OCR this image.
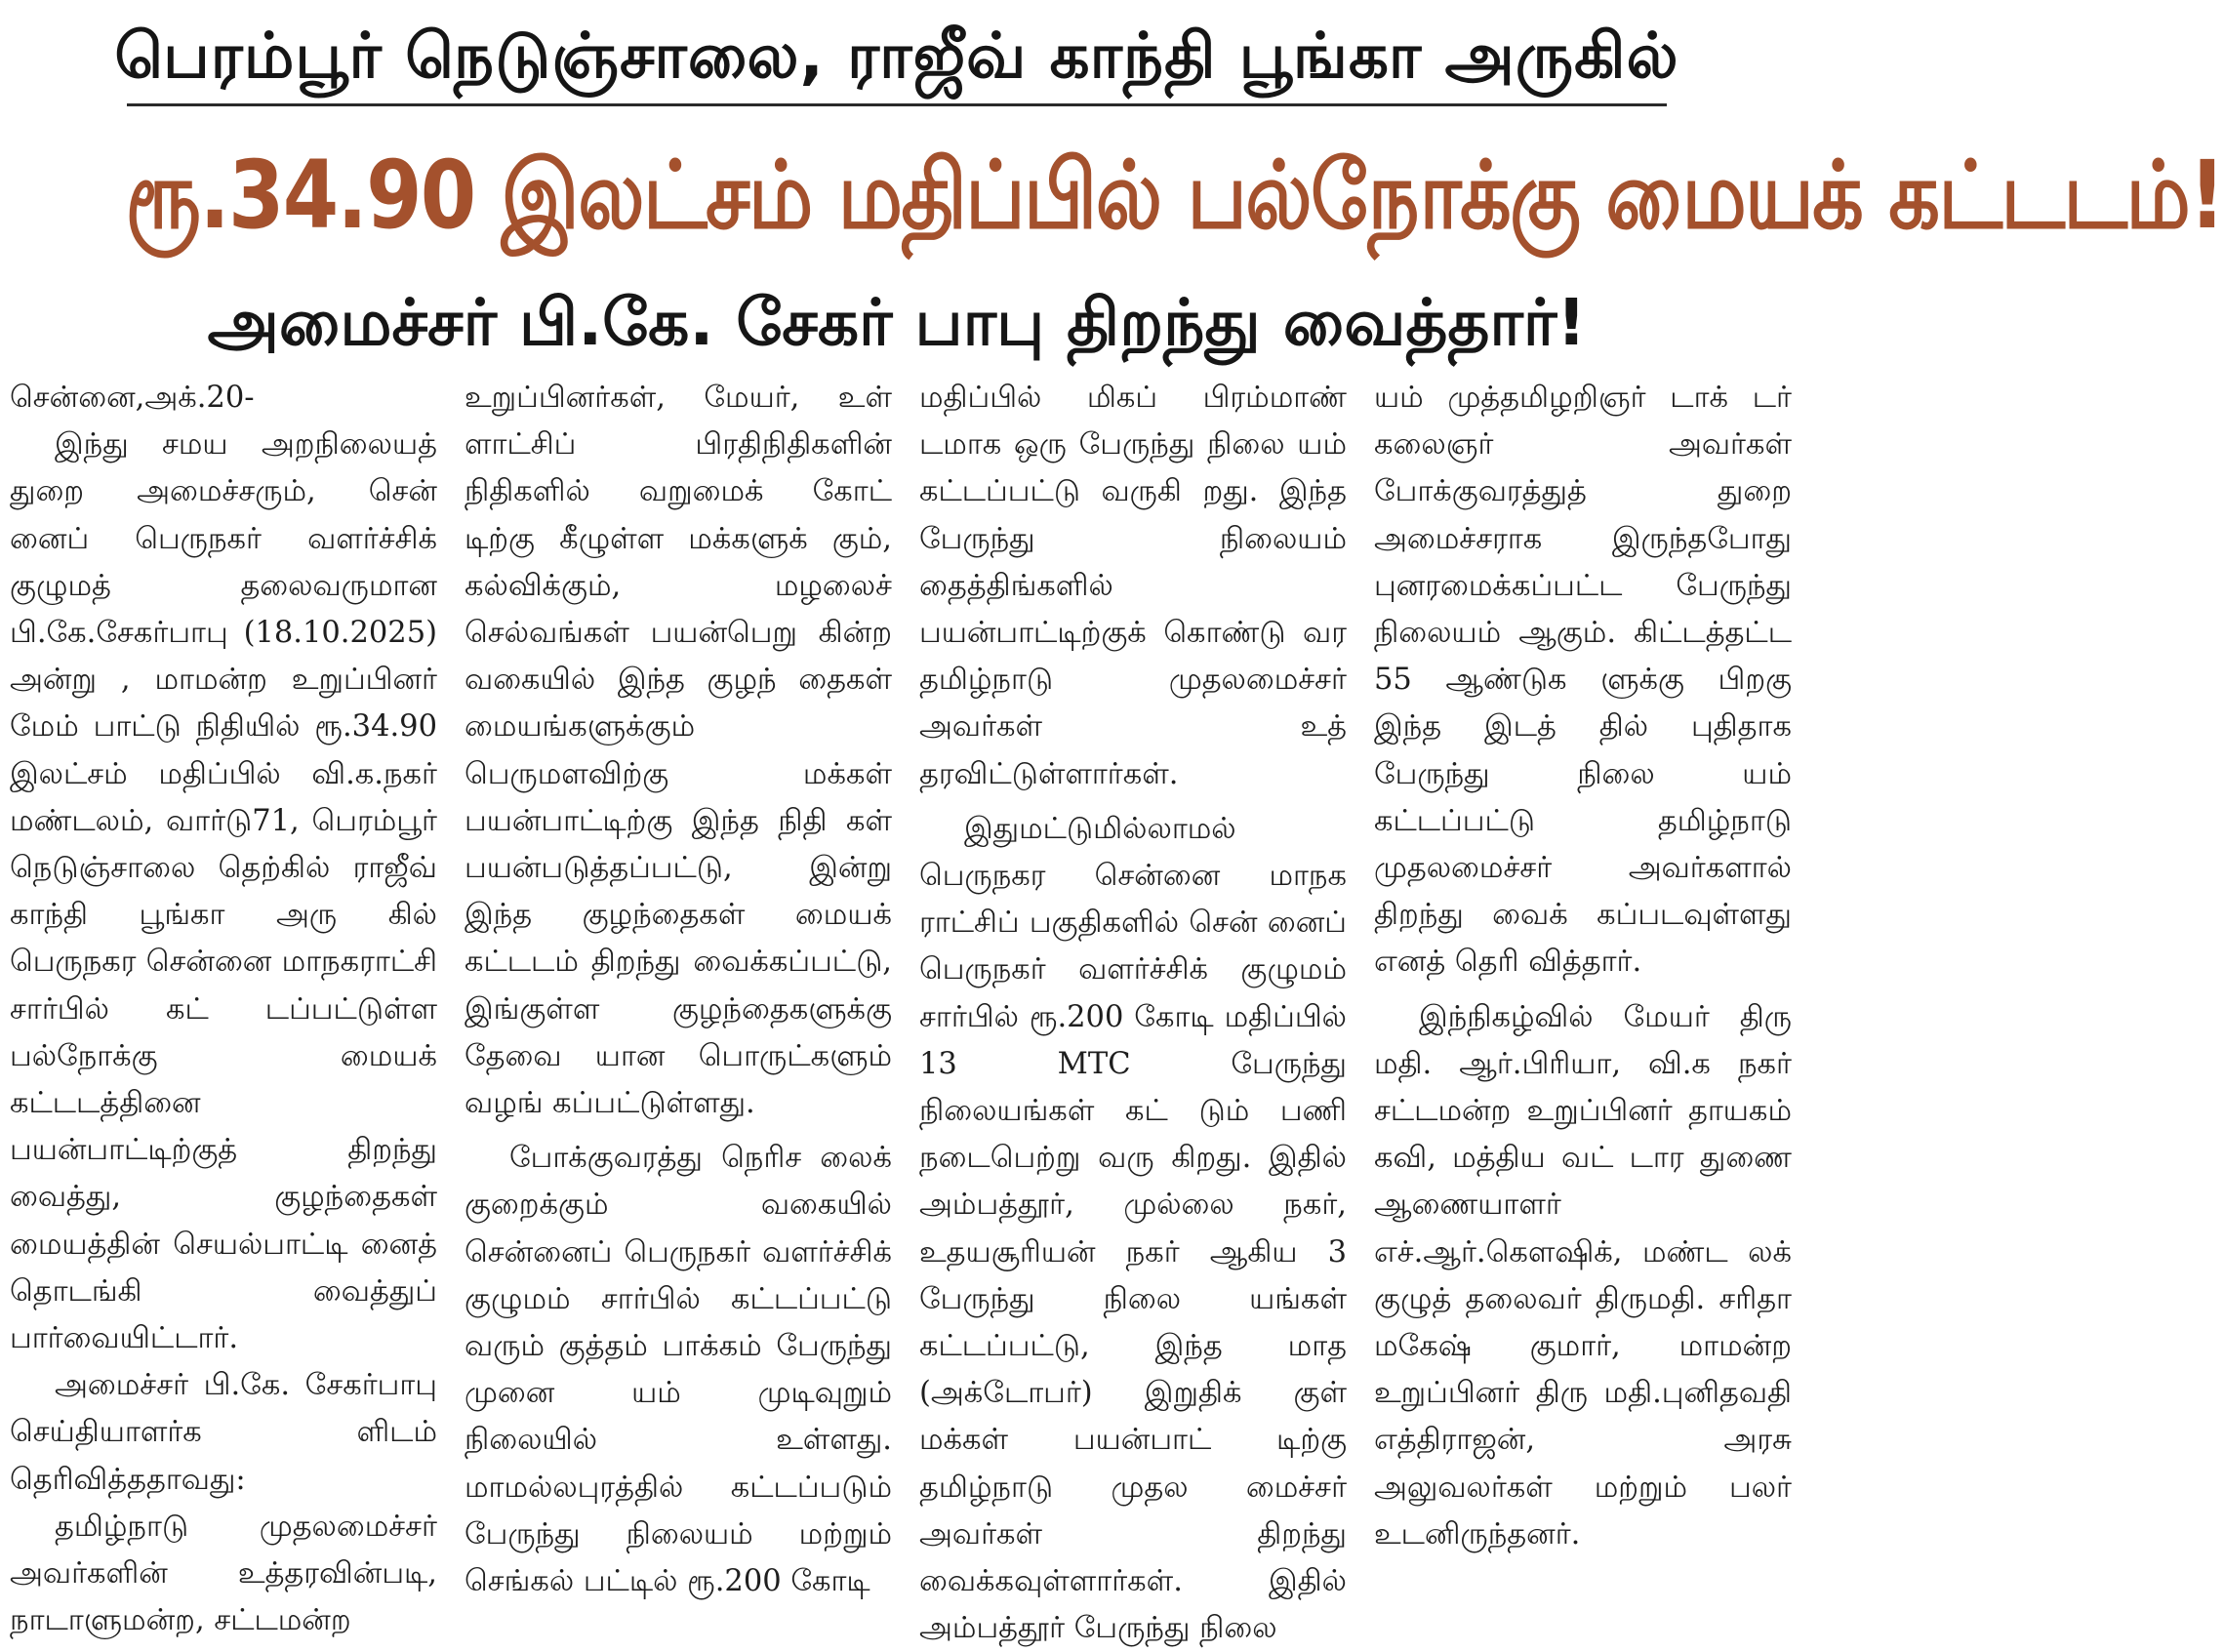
பெரம்பூர் நெடுஞ்சாலை, ராஜீவ் காந்தி பூங்கா அருகில்
ரூ.34.90 இலட்சம் மதிப்பில் பல்நோக்கு மையக் கட்டடம்!
அமைச்சர் பி.கே. சேகர் பாபு திறந்து வைத்தார்!

சென்னை,அக்.20-

இந்து சமய அறநிலையத் துறை அமைச்சரும், சென் னைப் பெருநகர் வளர்ச்சிக் குழுமத் தலைவருமான பி.கே.சேகர்பாபு (18.10.2025) அன்று , மாமன்ற உறுப்பினர் மேம் பாட்டு நிதியில் ரூ.34.90 இலட்சம் மதிப்பில் வி.க.நகர் மண்டலம், வார்டு71, பெரம்பூர் நெடுஞ்சாலை தெற்கில் ராஜீவ் காந்தி பூங்கா அரு கில் பெருநகர சென்னை மாநகராட்சி சார்பில் கட் டப்பட்டுள்ள பல்நோக்கு மையக் கட்டடத்தினை பயன்பாட்டிற்குத் திறந்து வைத்து, குழந்தைகள் மையத்தின் செயல்பாட்டி னைத் தொடங்கி வைத்துப் பார்வையிட்டார்.

அமைச்சர் பி.கே. சேகர்பாபு செய்தியாளர்க ளிடம் தெரிவித்ததாவது:

தமிழ்நாடு முதலமைச்சர் அவர்களின் உத்தரவின்படி, நாடாளுமன்ற, சட்டமன்ற

உறுப்பினர்கள், மேயர், உள் ளாட்சிப் பிரதிநிதிகளின் நிதிகளில் வறுமைக் கோட் டிற்கு கீழுள்ள மக்களுக் கும், கல்விக்கும், மழலைச் செல்வங்கள் பயன்பெறு கின்ற வகையில் இந்த குழந் தைகள் மையங்களுக்கும் பெருமளவிற்கு மக்கள் பயன்பாட்டிற்கு இந்த நிதி கள் பயன்படுத்தப்பட்டு, இன்று இந்த குழந்தைகள் மையக் கட்டடம் திறந்து வைக்கப்பட்டு, இங்குள்ள குழந்தைகளுக்கு தேவை யான பொருட்களும் வழங் கப்பட்டுள்ளது.

போக்குவரத்து நெரிச லைக் குறைக்கும் வகையில் சென்னைப் பெருநகர் வளர்ச்சிக் குழுமம் சார்பில் கட்டப்பட்டு வரும் குத்தம் பாக்கம் பேருந்து முனை யம் முடிவுறும் நிலையில் உள்ளது. மாமல்லபுரத்தில் கட்டப்படும் பேருந்து நிலையம் மற்றும் செங்கல் பட்டில் ரூ.200 கோடி

மதிப்பில் மிகப் பிரம்மாண் டமாக ஒரு பேருந்து நிலை யம் கட்டப்பட்டு வருகி றது. இந்த பேருந்து நிலையம் தைத்திங்களில் பயன்பாட்டிற்குக் கொண்டு வர தமிழ்நாடு முதலமைச்சர் அவர்கள் உத் தரவிட்டுள்ளார்கள்.

இதுமட்டுமில்லாமல் பெருநகர சென்னை மாநக ராட்சிப் பகுதிகளில் சென் னைப் பெருநகர் வளர்ச்சிக் குழுமம் சார்பில் ரூ.200 கோடி மதிப்பில் 13 MTC பேருந்து நிலையங்கள் கட் டும் பணி நடைபெற்று வரு கிறது. இதில் அம்பத்தூர், முல்லை நகர், உதயசூரியன் நகர் ஆகிய 3 பேருந்து நிலை யங்கள் கட்டப்பட்டு, இந்த மாத (அக்டோபர்) இறுதிக் குள் மக்கள் பயன்பாட் டிற்கு தமிழ்நாடு முதல மைச்சர் அவர்கள் திறந்து வைக்கவுள்ளார்கள். இதில் அம்பத்தூர் பேருந்து நிலை

யம் முத்தமிழறிஞர் டாக் டர் கலைஞர் அவர்கள் போக்குவரத்துத் துறை அமைச்சராக இருந்தபோது புனரமைக்கப்பட்ட பேருந்து நிலையம் ஆகும். கிட்டத்தட்ட 55 ஆண்டுக ளுக்கு பிறகு இந்த இடத் தில் புதிதாக பேருந்து நிலை யம் கட்டப்பட்டு தமிழ்நாடு முதலமைச்சர் அவர்களால் திறந்து வைக் கப்படவுள்ளது எனத் தெரி வித்தார்.

இந்நிகழ்வில் மேயர் திரு மதி. ஆர்.பிரியா, வி.க நகர் சட்டமன்ற உறுப்பினர் தாயகம் கவி, மத்திய வட் டார துணை ஆணையாளர் எச்.ஆர்.கௌஷிக், மண்ட லக் குழுத் தலைவர் திருமதி. சரிதா மகேஷ் குமார், மாமன்ற உறுப்பினர் திரு மதி.புனிதவதி எத்திராஜன், அரசு அலுவலர்கள் மற்றும் பலர் உடனிருந்தனர்.
